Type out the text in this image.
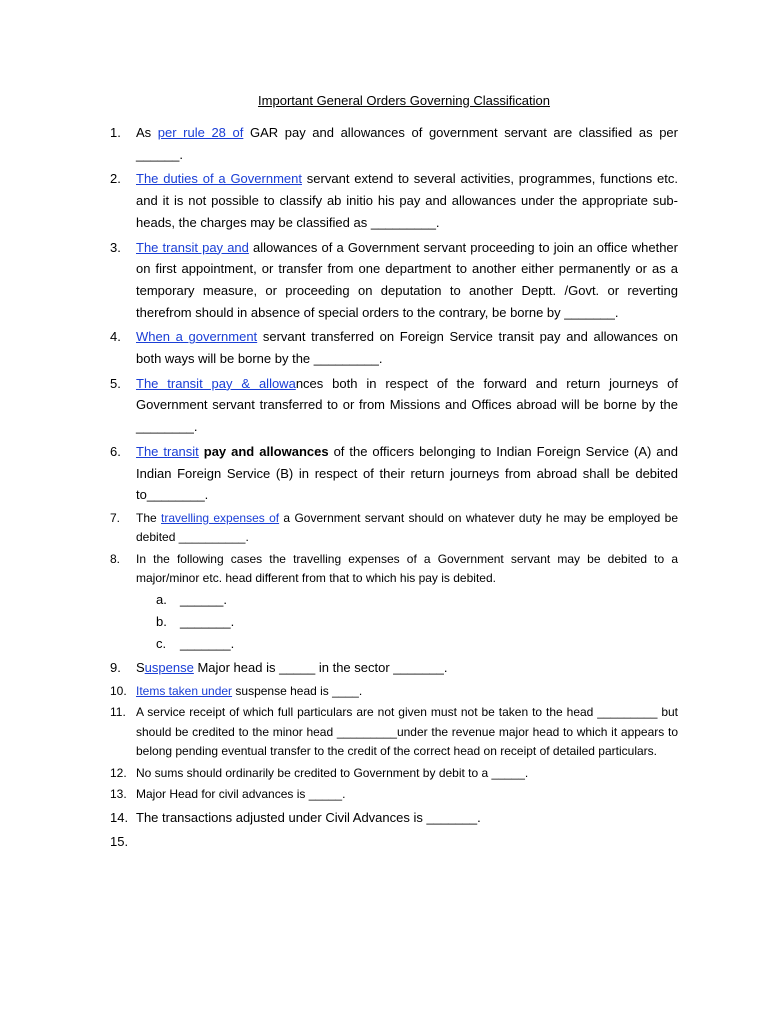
Important General Orders Governing Classification
1. As per rule 28 of GAR pay and allowances of government servant are classified as per ______.
2. The duties of a Government servant extend to several activities, programmes, functions etc. and it is not possible to classify ab initio his pay and allowances under the appropriate sub-heads, the charges may be classified as _________.
3. The transit pay and allowances of a Government servant proceeding to join an office whether on first appointment, or transfer from one department to another either permanently or as a temporary measure, or proceeding on deputation to another Deptt. /Govt. or reverting therefrom should in absence of special orders to the contrary, be borne by _______.
4. When a government servant transferred on Foreign Service transit pay and allowances on both ways will be borne by the _________.
5. The transit pay & allowances both in respect of the forward and return journeys of Government servant transferred to or from Missions and Offices abroad will be borne by the ________.
6. The transit pay and allowances of the officers belonging to Indian Foreign Service (A) and Indian Foreign Service (B) in respect of their return journeys from abroad shall be debited to________.
7. The travelling expenses of a Government servant should on whatever duty he may be employed be debited __________.
8. In the following cases the travelling expenses of a Government servant may be debited to a major/minor etc. head different from that to which his pay is debited.
a. ______.
b. _______.
c. _______.
9. Suspense Major head is _____ in the sector _______.
10. Items taken under suspense head is ____.
11. A service receipt of which full particulars are not given must not be taken to the head _________ but should be credited to the minor head _________under the revenue major head to which it appears to belong pending eventual transfer to the credit of the correct head on receipt of detailed particulars.
12. No sums should ordinarily be credited to Government by debit to a _____.
13. Major Head for civil advances is _____.
14. The transactions adjusted under Civil Advances is _______.
15.
